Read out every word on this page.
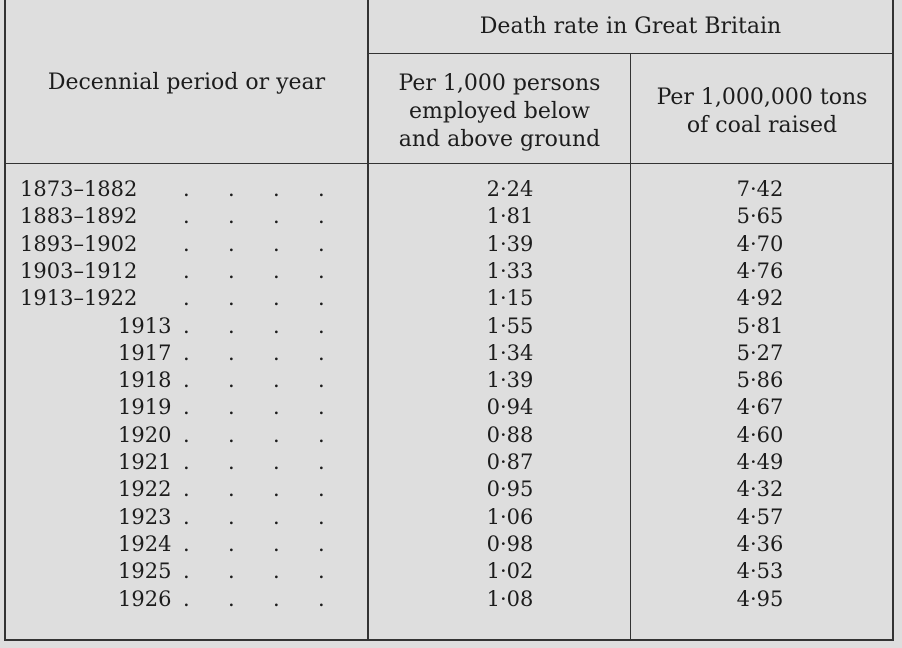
Death rate in Great Britain
Decennial period or year	Per 1,000 persons
employed below
and above ground
Per 1,000,000 tons
of coal raised
1873–1882	. . . .	2·24	7·42
1883–1892	. . . .	1·81	5·65
1893–1902	. . . .	1·39	4·70
1903–1912	. . . .	1·33	4·76
1913–1922	. . . .	1·15	4·92
1913 . . . .	1·55	5·81
1917 . . . .	1·34	5·27
1918 . . . .	1·39	5·86
1919 . . . .	0·94	4·67
1920 . . . .	0·88	4·60
1921 . . . .	0·87	4·49
1922 . . . .	0·95	4·32
1923 . . . .	1·06	4·57
1924 . . . .	0·98	4·36
1925 . . . .	1·02	4·53
1926 . . . .	1·08	4·95
